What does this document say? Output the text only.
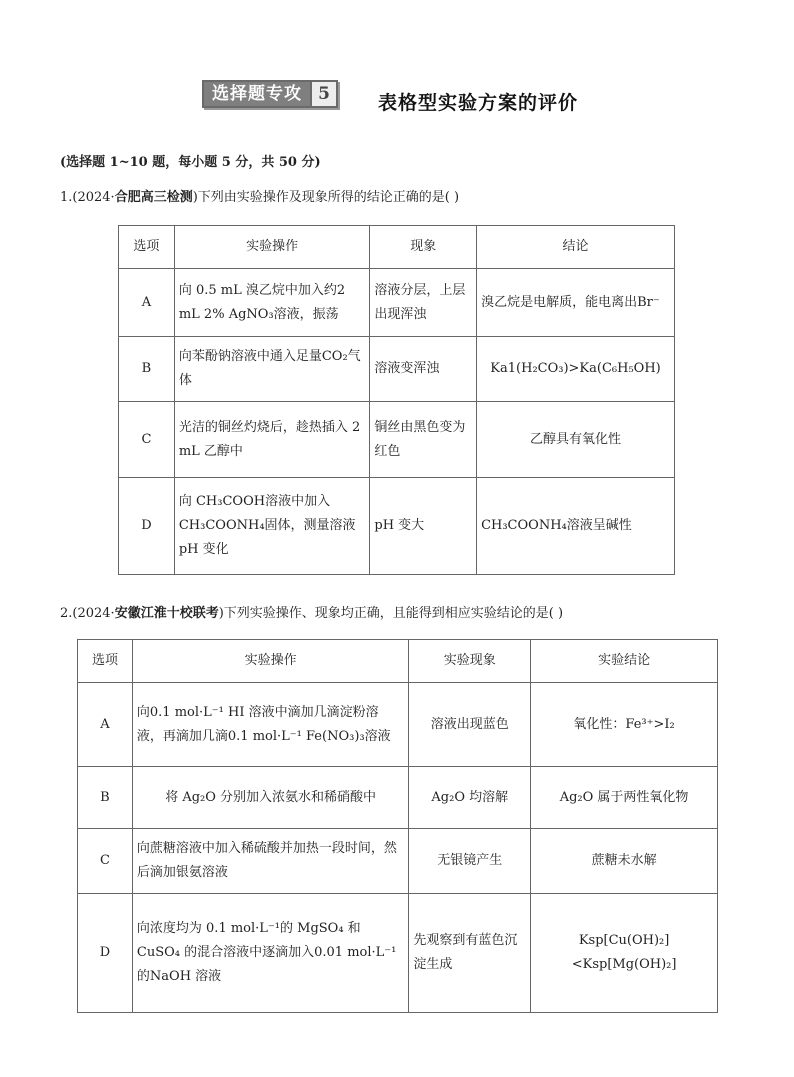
选择题专攻 5	表格型实验方案的评价
(选择题 1~10 题，每小题 5 分，共 50 分)
1.(2024·合肥高三检测)下列由实验操作及现象所得的结论正确的是( )
选项	实验操作	现象	结论
A	向 0.5 mL 溴乙烷中加入约2 mL 2% AgNO₃溶液，振荡	溶液分层，上层出现浑浊	溴乙烷是电解质，能电离出Br⁻
B	向苯酚钠溶液中通入足量CO₂气体	溶液变浑浊	Ka1(H₂CO₃)>Ka(C₆H₅OH)
C	光洁的铜丝灼烧后，趁热插入 2 mL 乙醇中	铜丝由黑色变为红色	乙醇具有氧化性
D	向 CH₃COOH溶液中加入CH₃COONH₄固体，测量溶液pH 变化	pH 变大	CH₃COONH₄溶液呈碱性
2.(2024·安徽江淮十校联考)下列实验操作、现象均正确，且能得到相应实验结论的是( )
选项	实验操作	实验现象	实验结论
A	向0.1 mol·L⁻¹ HI 溶液中滴加几滴淀粉溶液，再滴加几滴0.1 mol·L⁻¹ Fe(NO₃)₃溶液	溶液出现蓝色	氧化性：Fe³⁺>I₂
B	将 Ag₂O 分别加入浓氨水和稀硝酸中	Ag₂O 均溶解	Ag₂O 属于两性氧化物
C	向蔗糖溶液中加入稀硫酸并加热一段时间，然后滴加银氨溶液	无银镜产生	蔗糖未水解
D	向浓度均为 0.1 mol·L⁻¹的 MgSO₄ 和 CuSO₄ 的混合溶液中逐滴加入0.01 mol·L⁻¹的NaOH 溶液	先观察到有蓝色沉淀生成	Ksp[Cu(OH)₂]<Ksp[Mg(OH)₂]
